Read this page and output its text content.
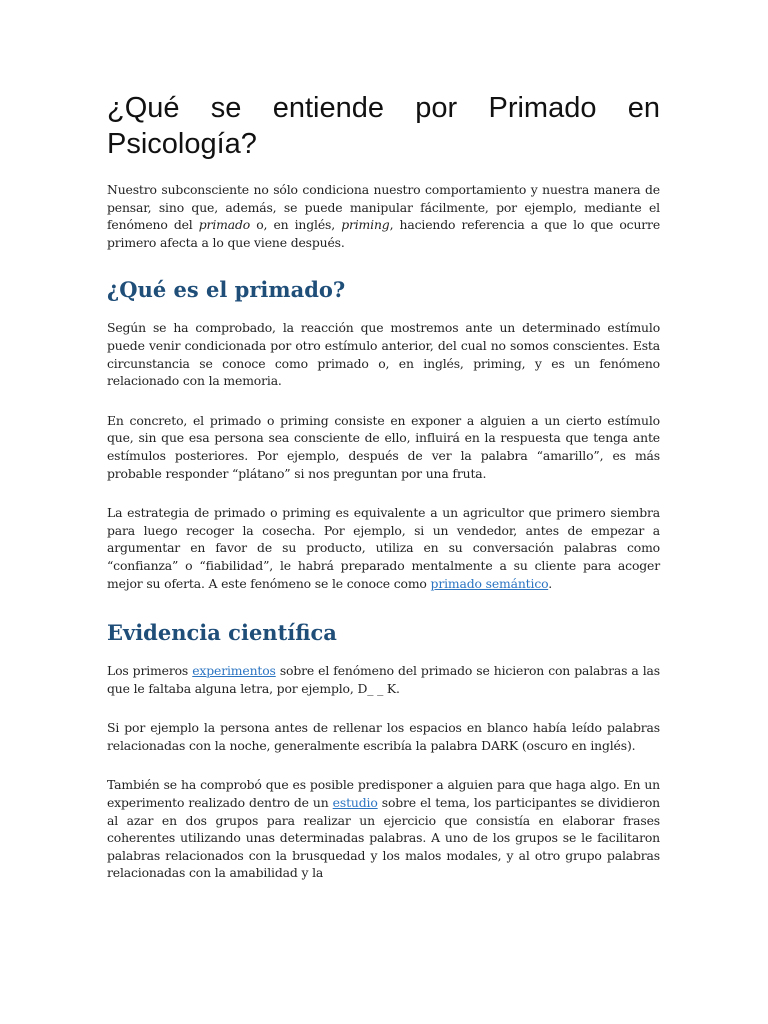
¿Qué se entiende por Primado en Psicología?

Nuestro subconsciente no sólo condiciona nuestro comportamiento y nuestra manera de pensar, sino que, además, se puede manipular fácilmente, por ejemplo, mediante el fenómeno del primado o, en inglés, priming, haciendo referencia a que lo que ocurre primero afecta a lo que viene después.

¿Qué es el primado?

Según se ha comprobado, la reacción que mostremos ante un determinado estímulo puede venir condicionada por otro estímulo anterior, del cual no somos conscientes. Esta circunstancia se conoce como primado o, en inglés, priming, y es un fenómeno relacionado con la memoria.

En concreto, el primado o priming consiste en exponer a alguien a un cierto estímulo que, sin que esa persona sea consciente de ello, influirá en la respuesta que tenga ante estímulos posteriores. Por ejemplo, después de ver la palabra “amarillo”, es más probable responder “plátano” si nos preguntan por una fruta.

La estrategia de primado o priming es equivalente a un agricultor que primero siembra para luego recoger la cosecha. Por ejemplo, si un vendedor, antes de empezar a argumentar en favor de su producto, utiliza en su conversación palabras como “confianza” o “fiabilidad”, le habrá preparado mentalmente a su cliente para acoger mejor su oferta. A este fenómeno se le conoce como primado semántico.

Evidencia científica

Los primeros experimentos sobre el fenómeno del primado se hicieron con palabras a las que le faltaba alguna letra, por ejemplo, D_ _ K.

Si por ejemplo la persona antes de rellenar los espacios en blanco había leído palabras relacionadas con la noche, generalmente escribía la palabra DARK (oscuro en inglés).

También se ha comprobó que es posible predisponer a alguien para que haga algo. En un experimento realizado dentro de un estudio sobre el tema, los participantes se dividieron al azar en dos grupos para realizar un ejercicio que consistía en elaborar frases coherentes utilizando unas determinadas palabras. A uno de los grupos se le facilitaron palabras relacionados con la brusquedad y los malos modales, y al otro grupo palabras relacionadas con la amabilidad y la
